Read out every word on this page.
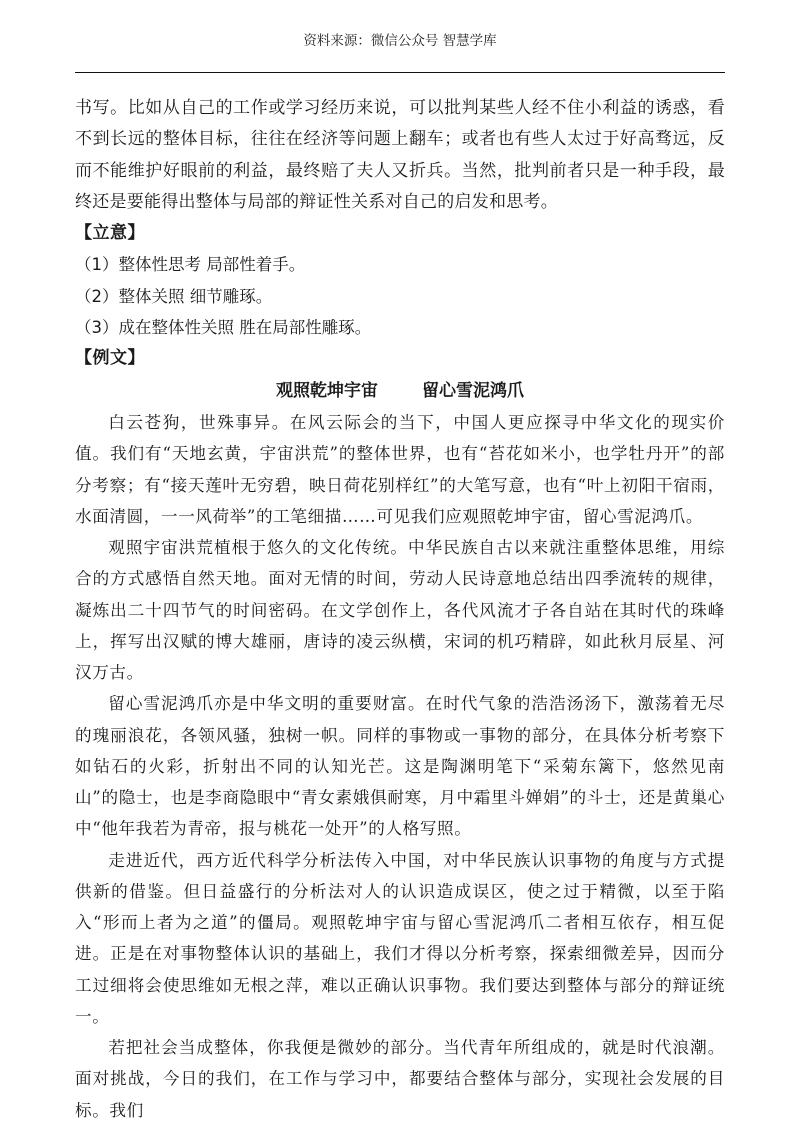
资料来源：微信公众号 智慧学库

书写。比如从自己的工作或学习经历来说，可以批判某些人经不住小利益的诱惑，看不到长远的整体目标，往往在经济等问题上翻车；或者也有些人太过于好高骛远，反而不能维护好眼前的利益，最终赔了夫人又折兵。当然，批判前者只是一种手段，最终还是要能得出整体与局部的辩证性关系对自己的启发和思考。

【立意】

（1）整体性思考 局部性着手。

（2）整体关照 细节雕琢。

（3）成在整体性关照 胜在局部性雕琢。

【例文】

观照乾坤宇宙	留心雪泥鸿爪

白云苍狗，世殊事异。在风云际会的当下，中国人更应探寻中华文化的现实价值。我们有“天地玄黄，宇宙洪荒”的整体世界，也有“苔花如米小，也学牡丹开”的部分考察；有“接天莲叶无穷碧，映日荷花别样红”的大笔写意，也有“叶上初阳干宿雨，水面清圆，一一风荷举”的工笔细描……可见我们应观照乾坤宇宙，留心雪泥鸿爪。

观照宇宙洪荒植根于悠久的文化传统。中华民族自古以来就注重整体思维，用综合的方式感悟自然天地。面对无情的时间，劳动人民诗意地总结出四季流转的规律，凝炼出二十四节气的时间密码。在文学创作上，各代风流才子各自站在其时代的珠峰上，挥写出汉赋的博大雄丽，唐诗的凌云纵横，宋词的机巧精辟，如此秋月辰星、河汉万古。

留心雪泥鸿爪亦是中华文明的重要财富。在时代气象的浩浩汤汤下，激荡着无尽的瑰丽浪花，各领风骚，独树一帜。同样的事物或一事物的部分，在具体分析考察下如钻石的火彩，折射出不同的认知光芒。这是陶渊明笔下“采菊东篱下，悠然见南山”的隐士，也是李商隐眼中“青女素娥俱耐寒，月中霜里斗婵娟”的斗士，还是黄巢心中“他年我若为青帝，报与桃花一处开”的人格写照。

走进近代，西方近代科学分析法传入中国，对中华民族认识事物的角度与方式提供新的借鉴。但日益盛行的分析法对人的认识造成误区，使之过于精微，以至于陷入“形而上者为之道”的僵局。观照乾坤宇宙与留心雪泥鸿爪二者相互依存，相互促进。正是在对事物整体认识的基础上，我们才得以分析考察，探索细微差异，因而分工过细将会使思维如无根之萍，难以正确认识事物。我们要达到整体与部分的辩证统一。

若把社会当成整体，你我便是微妙的部分。当代青年所组成的，就是时代浪潮。面对挑战，今日的我们，在工作与学习中，都要结合整体与部分，实现社会发展的目标。我们
